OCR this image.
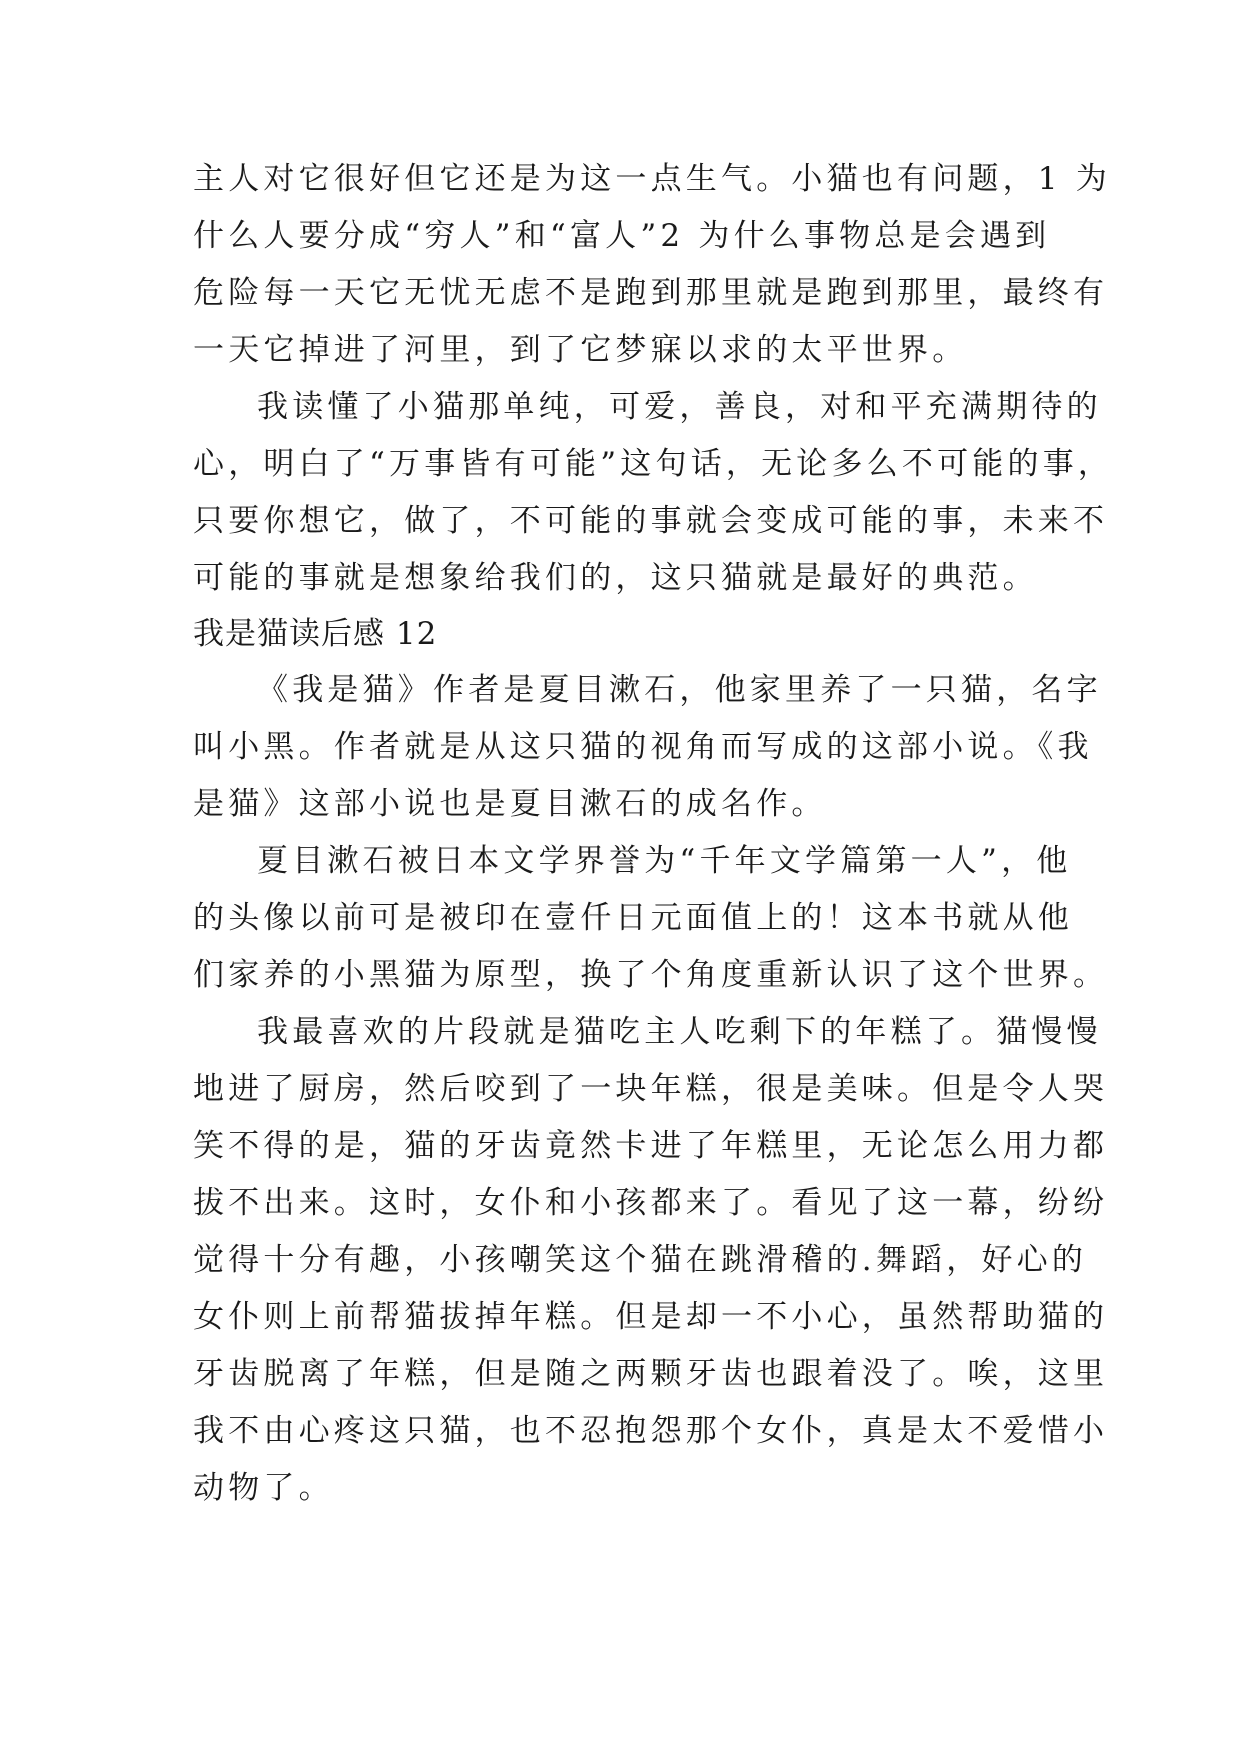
主人对它很好但它还是为这一点生气。小猫也有问题，1 为
什么人要分成“穷人”和“富人”2 为什么事物总是会遇到
危险每一天它无忧无虑不是跑到那里就是跑到那里，最终有
一天它掉进了河里，到了它梦寐以求的太平世界。
我读懂了小猫那单纯，可爱，善良，对和平充满期待的
心，明白了“万事皆有可能”这句话，无论多么不可能的事，
只要你想它，做了，不可能的事就会变成可能的事，未来不
可能的事就是想象给我们的，这只猫就是最好的典范。
我是猫读后感 12
《我是猫》作者是夏目漱石，他家里养了一只猫，名字
叫小黑。作者就是从这只猫的视角而写成的这部小说。《我
是猫》这部小说也是夏目漱石的成名作。
夏目漱石被日本文学界誉为“千年文学篇第一人”，他
的头像以前可是被印在壹仟日元面值上的！这本书就从他
们家养的小黑猫为原型，换了个角度重新认识了这个世界。
我最喜欢的片段就是猫吃主人吃剩下的年糕了。猫慢慢
地进了厨房，然后咬到了一块年糕，很是美味。但是令人哭
笑不得的是，猫的牙齿竟然卡进了年糕里，无论怎么用力都
拔不出来。这时，女仆和小孩都来了。看见了这一幕，纷纷
觉得十分有趣，小孩嘲笑这个猫在跳滑稽的.舞蹈，好心的
女仆则上前帮猫拔掉年糕。但是却一不小心，虽然帮助猫的
牙齿脱离了年糕，但是随之两颗牙齿也跟着没了。唉，这里
我不由心疼这只猫，也不忍抱怨那个女仆，真是太不爱惜小
动物了。
